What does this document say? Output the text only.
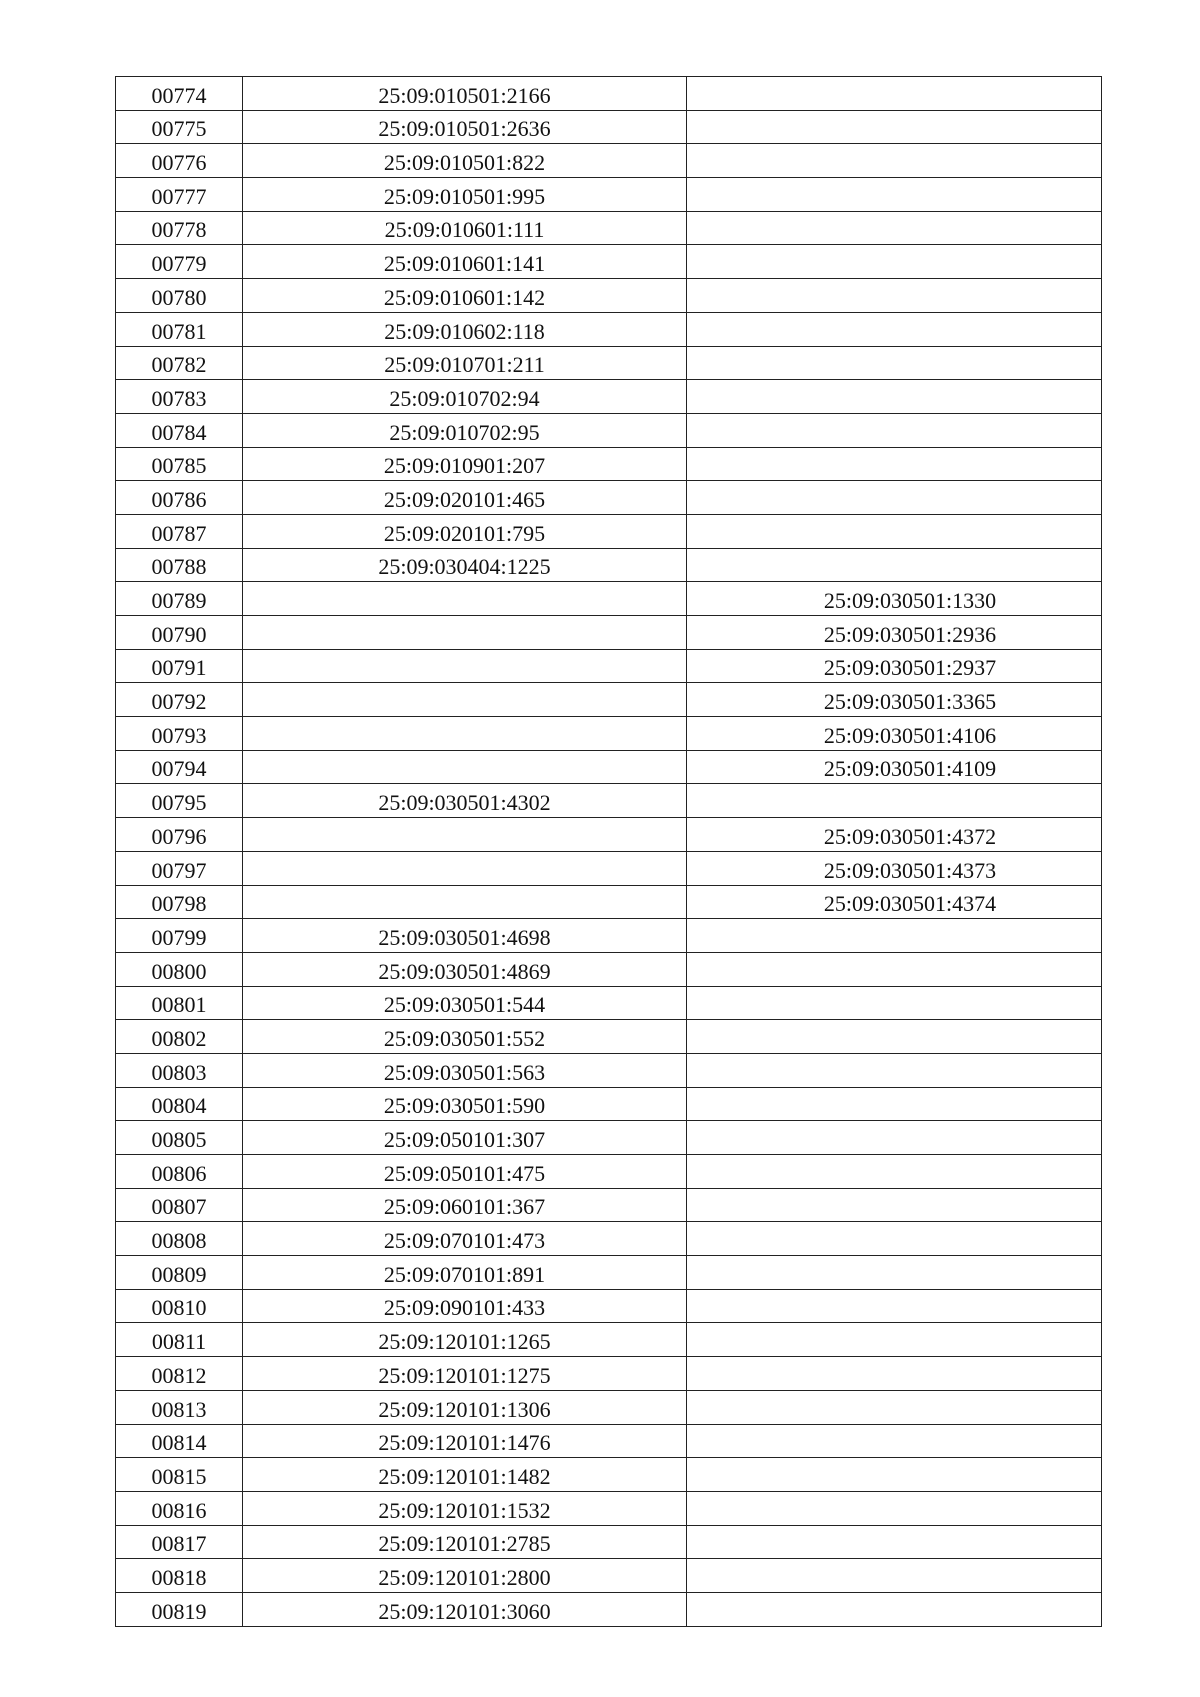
00774	25:09:010501:2166	
00775	25:09:010501:2636	
00776	25:09:010501:822	
00777	25:09:010501:995	
00778	25:09:010601:111	
00779	25:09:010601:141	
00780	25:09:010601:142	
00781	25:09:010602:118	
00782	25:09:010701:211	
00783	25:09:010702:94	
00784	25:09:010702:95	
00785	25:09:010901:207	
00786	25:09:020101:465	
00787	25:09:020101:795	
00788	25:09:030404:1225	
00789		25:09:030501:1330
00790		25:09:030501:2936
00791		25:09:030501:2937
00792		25:09:030501:3365
00793		25:09:030501:4106
00794		25:09:030501:4109
00795	25:09:030501:4302	
00796		25:09:030501:4372
00797		25:09:030501:4373
00798		25:09:030501:4374
00799	25:09:030501:4698	
00800	25:09:030501:4869	
00801	25:09:030501:544	
00802	25:09:030501:552	
00803	25:09:030501:563	
00804	25:09:030501:590	
00805	25:09:050101:307	
00806	25:09:050101:475	
00807	25:09:060101:367	
00808	25:09:070101:473	
00809	25:09:070101:891	
00810	25:09:090101:433	
00811	25:09:120101:1265	
00812	25:09:120101:1275	
00813	25:09:120101:1306	
00814	25:09:120101:1476	
00815	25:09:120101:1482	
00816	25:09:120101:1532	
00817	25:09:120101:2785	
00818	25:09:120101:2800	
00819	25:09:120101:3060	
